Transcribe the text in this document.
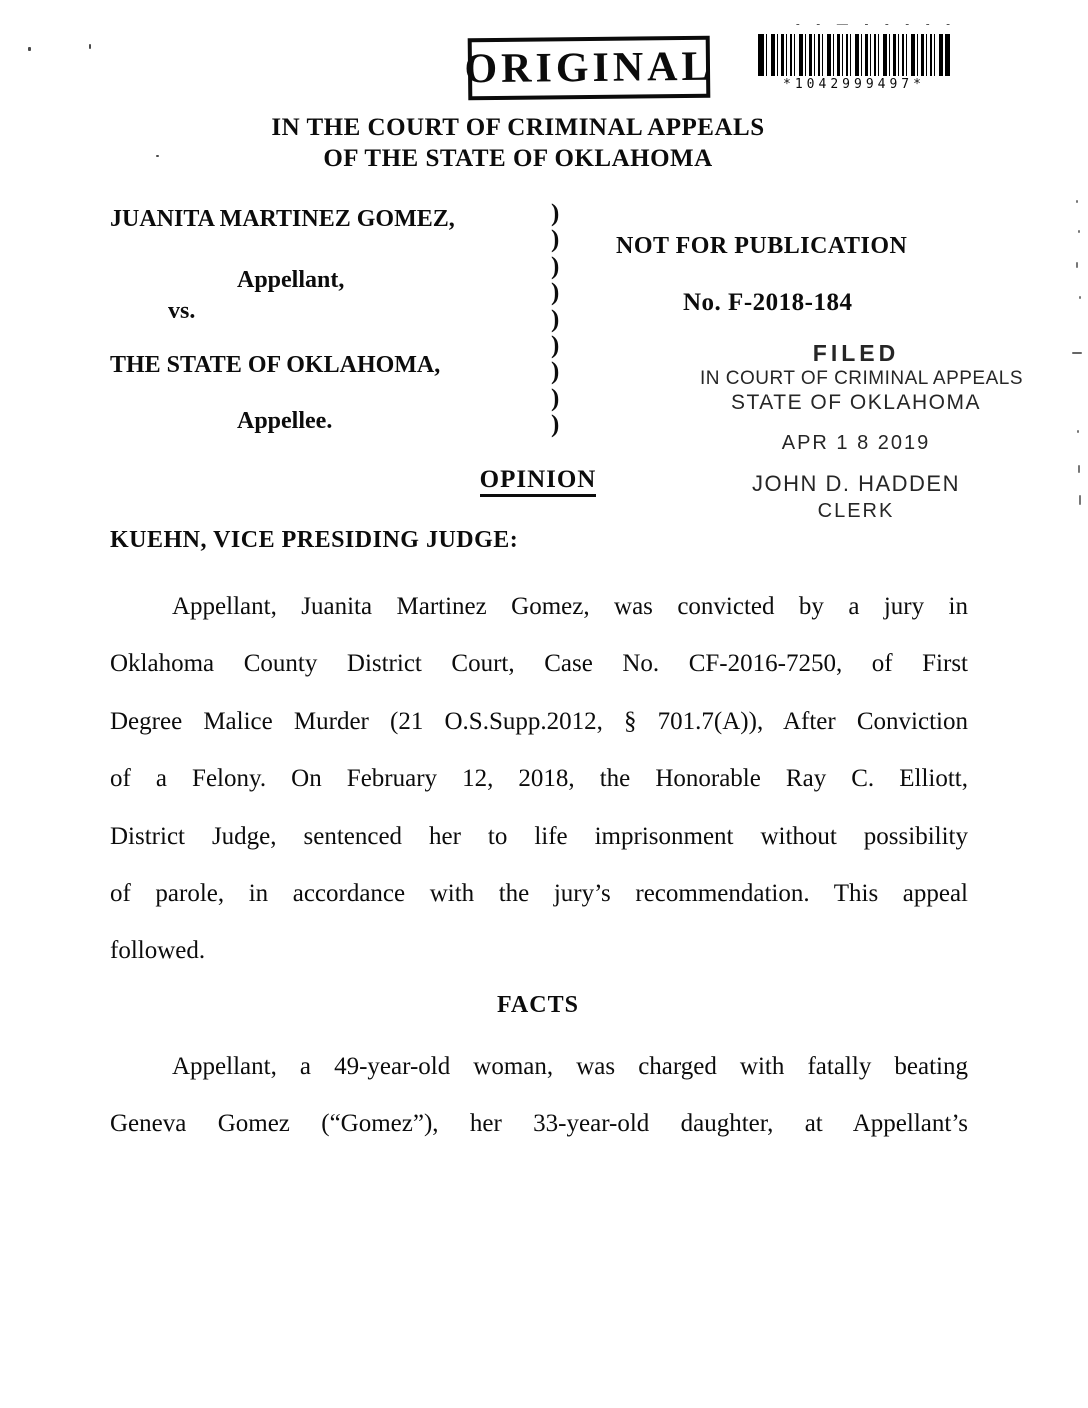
- - — - - - - -
ORIGINAL	*1042999497*
IN THE COURT OF CRIMINAL APPEALS
OF THE STATE OF OKLAHOMA
JUANITA MARTINEZ GOMEZ,
Appellant,
vs.
THE STATE OF OKLAHOMA,
Appellee.
)
)
)
)
)
)
)
)
)
NOT FOR PUBLICATION
No. F-2018-184
FILED
IN COURT OF CRIMINAL APPEALS
STATE OF OKLAHOMA
APR 1 8 2019
JOHN D. HADDEN
CLERK
OPINION
KUEHN, VICE PRESIDING JUDGE:
Appellant, Juanita Martinez Gomez, was convicted by a jury in
Oklahoma County District Court, Case No. CF-2016-7250, of First
Degree Malice Murder (21 O.S.Supp.2012, § 701.7(A)), After Conviction
of a Felony. On February 12, 2018, the Honorable Ray C. Elliott,
District Judge, sentenced her to life imprisonment without possibility
of parole, in accordance with the jury’s recommendation. This appeal
followed.
FACTS
Appellant, a 49-year-old woman, was charged with fatally beating
Geneva Gomez (“Gomez”), her 33-year-old daughter, at Appellant’s
